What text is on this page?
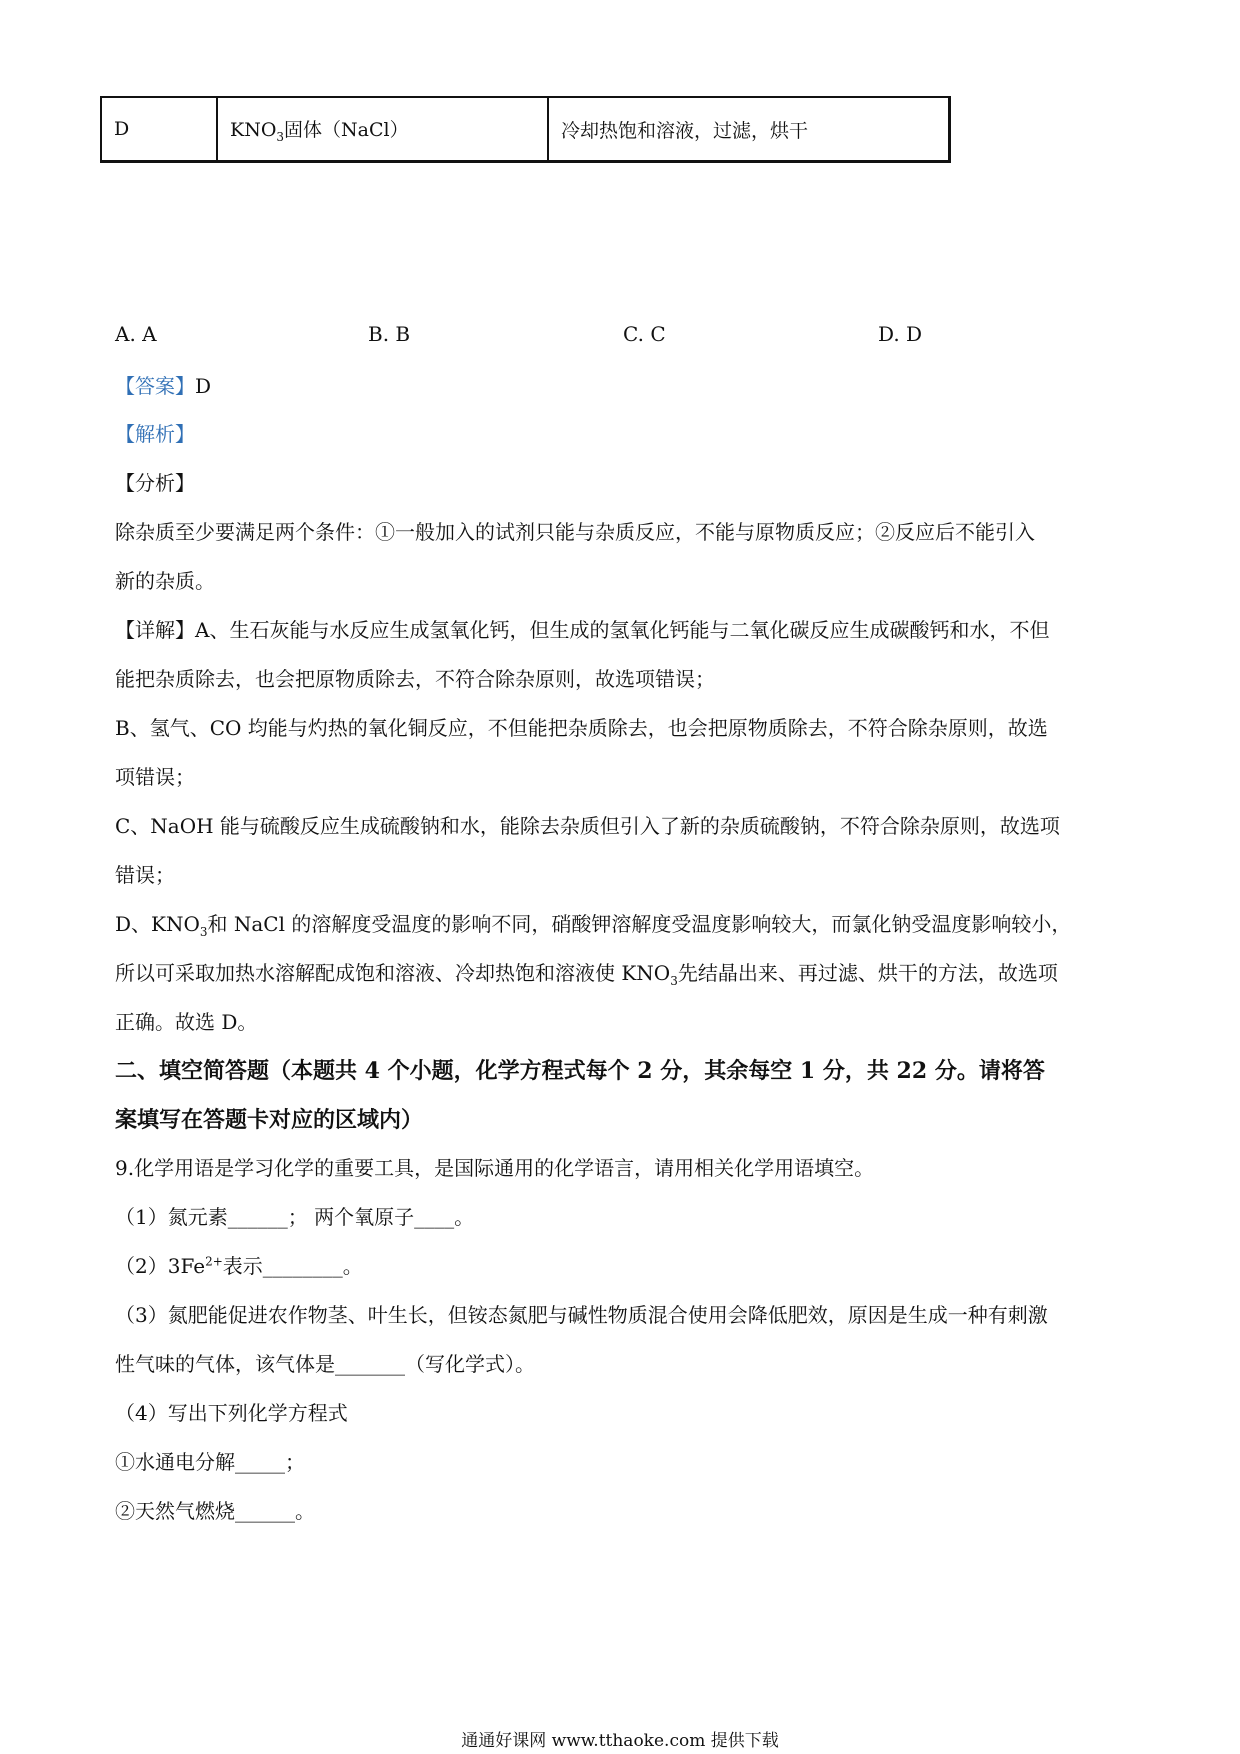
D	$KNO_3$固体（NaCl）	冷却热饱和溶液，过滤，烘干
A. A	B. B	C. C	D. D
【答案】D
【解析】
【分析】
除杂质至少要满足两个条件：①一般加入的试剂只能与杂质反应，不能与原物质反应；②反应后不能引入
新的杂质。
【详解】A、生石灰能与水反应生成氢氧化钙，但生成的氢氧化钙能与二氧化碳反应生成碳酸钙和水，不但
能把杂质除去，也会把原物质除去，不符合除杂原则，故选项错误；
B、氢气、CO 均能与灼热的氧化铜反应，不但能把杂质除去，也会把原物质除去，不符合除杂原则，故选
项错误；
C、NaOH 能与硫酸反应生成硫酸钠和水，能除去杂质但引入了新的杂质硫酸钠，不符合除杂原则，故选项
错误；
D、$KNO_3$和 NaCl 的溶解度受温度的影响不同，硝酸钾溶解度受温度影响较大，而氯化钠受温度影响较小，
所以可采取加热水溶解配成饱和溶液、冷却热饱和溶液使 $KNO_3$先结晶出来、再过滤、烘干的方法，故选项
正确。故选 D。
二、填空简答题（本题共 4 个小题，化学方程式每个 2 分，其余每空 1 分，共 22 分。请将答
案填写在答题卡对应的区域内）
9.化学用语是学习化学的重要工具，是国际通用的化学语言，请用相关化学用语填空。
（1）氮元素______； 两个氧原子____。
$(2)3Fe^{2+}$表示________。
（3）氮肥能促进农作物茎、叶生长，但铵态氮肥与碱性物质混合使用会降低肥效，原因是生成一种有刺激
性气味的气体，该气体是_______（写化学式）。
（4）写出下列化学方程式
①水通电分解_____；
②天然气燃烧______。
通通好课网 www.tthaoke.com 提供下载
